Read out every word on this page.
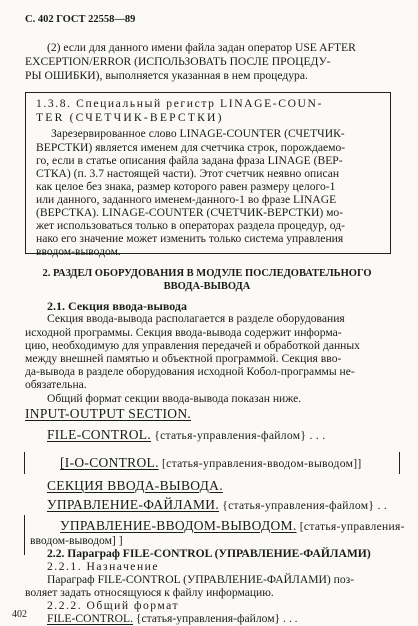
С. 402 ГОСТ 22558—89
(2) если для данного имени файла задан оператор USE AFTER
EXCEPTION/ERROR (ИСПОЛЬЗОВАТЬ ПОСЛЕ ПРОЦЕДУ-
РЫ ОШИБКИ), выполняется указанная в нем процедура.
1.3.8. Специальный регистр LINAGE-COUN-
TER (СЧЕТЧИК-ВЕРСТКИ)
Зарезервированное слово LINAGE-COUNTER (СЧЕТЧИК-
ВЕРСТКИ) является именем для счетчика строк, порождаемо-
го, если в статье описания файла задана фраза LINAGE (ВЕР-
СТКА) (п. 3.7 настоящей части). Этот счетчик неявно описан
как целое без знака, размер которого равен размеру целого-1
или данного, заданного именем-данного-1 во фразе LINAGE
(ВЕРСТКА). LINAGE-COUNTER (СЧЕТЧИК-ВЕРСТКИ) мо-
жет использоваться только в операторах раздела процедур, од-
нако его значение может изменить только система управления
вводом-выводом.
2. РАЗДЕЛ ОБОРУДОВАНИЯ В МОДУЛЕ ПОСЛЕДОВАТЕЛЬНОГО
ВВОДА-ВЫВОДА
2.1. Секция ввода-вывода
Секция ввода-вывода располагается в разделе оборудования
исходной программы. Секция ввода-вывода содержит информа-
цию, необходимую для управления передачей и обработкой данных
между внешней памятью и объектной программой. Секция ввo-
да-вывода в разделе оборудования исходной Кобол-программы не-
обязательна.
Общий формат секции ввода-вывода показан ниже.
INPUT-OUTPUT SECTION.
FILE-CONTROL. {статья-управления-файлом} . . .
[I-O-CONTROL. [статья-управления-вводом-выводом]]
СЕКЦИЯ ВВОДА-ВЫВОДА.
УПРАВЛЕНИЕ-ФАЙЛАМИ. {статья-управления-файлом} . .
УПРАВЛЕНИЕ-ВВОДОМ-ВЫВОДОМ. [статья-управления-
вводом-выводом] ]
2.2. Параграф FILE-CONTROL (УПРАВЛЕНИЕ-ФАЙЛАМИ)
2.2.1. Назначение
Параграф FILE-CONTROL (УПРАВЛЕНИЕ-ФАЙЛАМИ) поз-
воляет задать относящуюся к файлу информацию.
2.2.2. Общий формат
FILE-CONTROL. {статья-управления-файлом} . . .
402
